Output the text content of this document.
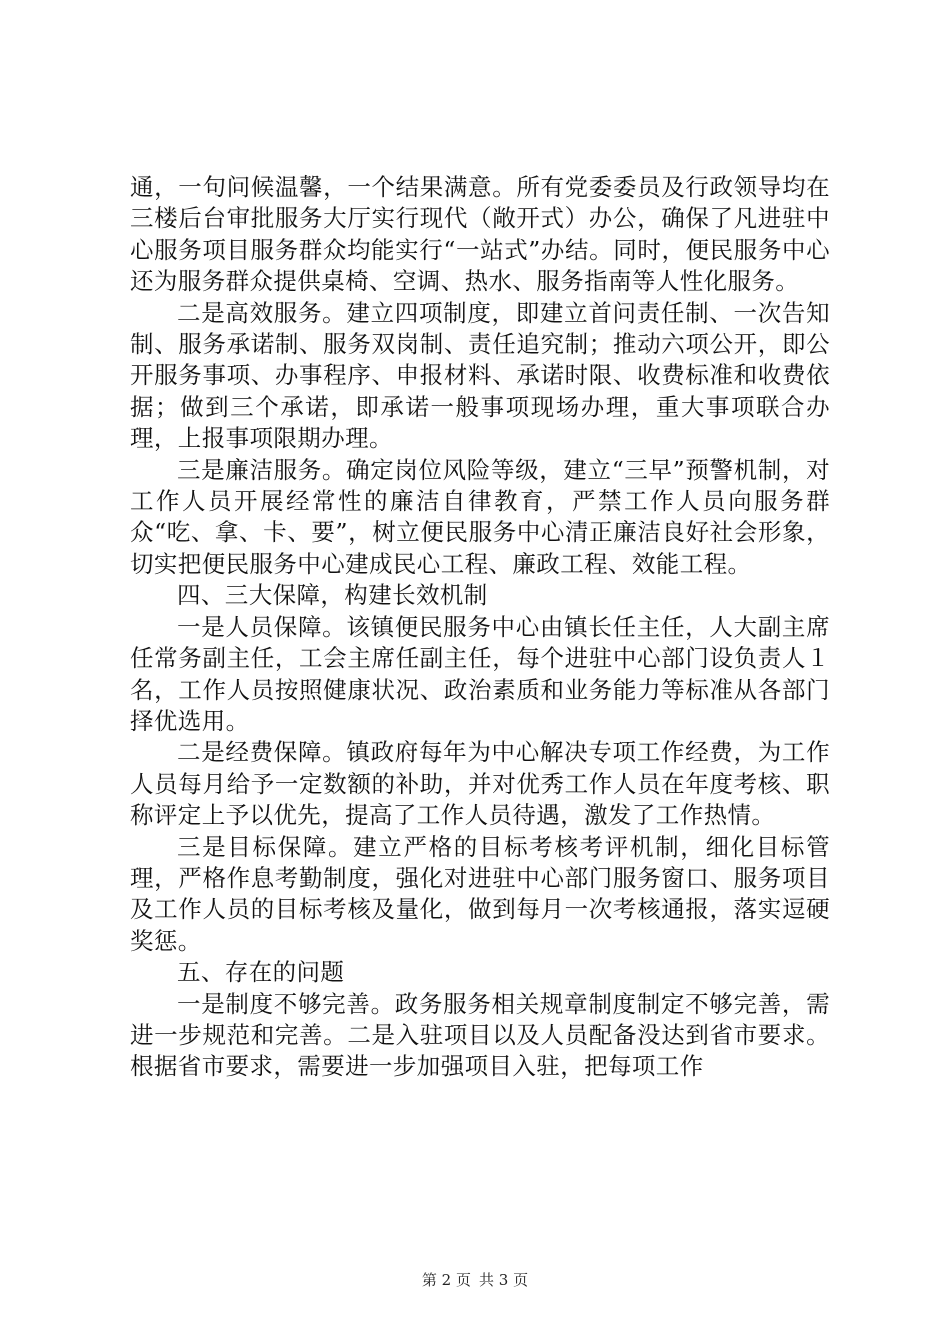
通，一句问候温馨，一个结果满意。所有党委委员及行政领导均在三楼后台审批服务大厅实行现代（敞开式）办公，确保了凡进驻中心服务项目服务群众均能实行“一站式”办结。同时，便民服务中心还为服务群众提供桌椅、空调、热水、服务指南等人性化服务。

二是高效服务。建立四项制度，即建立首问责任制、一次告知制、服务承诺制、服务双岗制、责任追究制；推动六项公开，即公开服务事项、办事程序、申报材料、承诺时限、收费标准和收费依据；做到三个承诺，即承诺一般事项现场办理，重大事项联合办理，上报事项限期办理。

三是廉洁服务。确定岗位风险等级，建立“三早”预警机制，对工作人员开展经常性的廉洁自律教育，严禁工作人员向服务群众“吃、拿、卡、要”，树立便民服务中心清正廉洁良好社会形象，切实把便民服务中心建成民心工程、廉政工程、效能工程。

四、三大保障，构建长效机制

一是人员保障。该镇便民服务中心由镇长任主任，人大副主席任常务副主任，工会主席任副主任，每个进驻中心部门设负责人１名，工作人员按照健康状况、政治素质和业务能力等标准从各部门择优选用。

二是经费保障。镇政府每年为中心解决专项工作经费，为工作人员每月给予一定数额的补助，并对优秀工作人员在年度考核、职称评定上予以优先，提高了工作人员待遇，激发了工作热情。

三是目标保障。建立严格的目标考核考评机制，细化目标管理，严格作息考勤制度，强化对进驻中心部门服务窗口、服务项目及工作人员的目标考核及量化，做到每月一次考核通报，落实逗硬奖惩。

五、存在的问题

一是制度不够完善。政务服务相关规章制度制定不够完善，需进一步规范和完善。二是入驻项目以及人员配备没达到省市要求。根据省市要求，需要进一步加强项目入驻，把每项工作

第 2 页 共 3 页
